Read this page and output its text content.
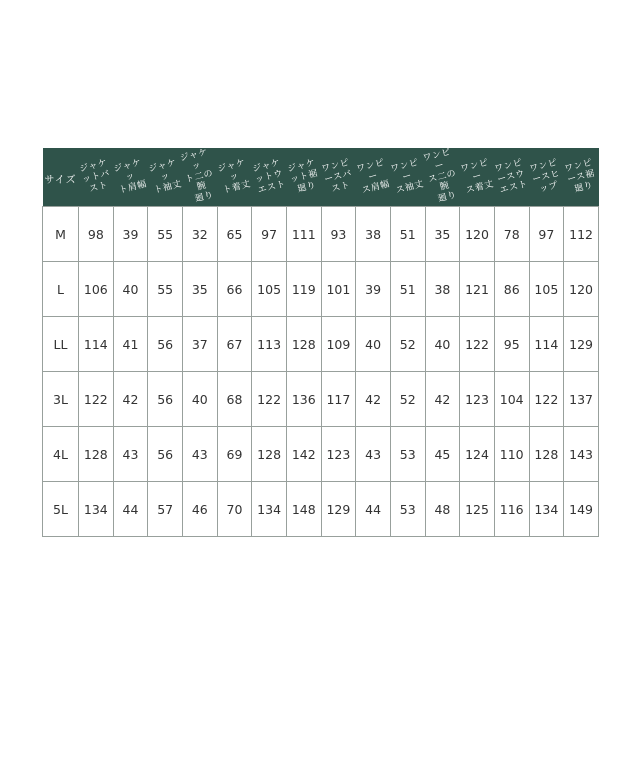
サイズ	ジャケ
ットバ
スト	ジャケッ
ト肩幅	ジャケッ
ト袖丈	ジャケッ
ト二の腕
廻り	ジャケッ
ト着丈	ジャケ
ットウ
エスト	ジャケ
ット裾
廻り	ワンピ
ースバ
スト	ワンピー
ス肩幅	ワンピー
ス袖丈	ワンピー
ス二の腕
廻り	ワンピー
ス着丈	ワンピ
ースウ
エスト	ワンピ
ースヒ
ップ	ワンピ
ース裾
廻り
M	98	39	55	32	65	97	111	93	38	51	35	120	78	97	112
L	106	40	55	35	66	105	119	101	39	51	38	121	86	105	120
LL	114	41	56	37	67	113	128	109	40	52	40	122	95	114	129
3L	122	42	56	40	68	122	136	117	42	52	42	123	104	122	137
4L	128	43	56	43	69	128	142	123	43	53	45	124	110	128	143
5L	134	44	57	46	70	134	148	129	44	53	48	125	116	134	149
